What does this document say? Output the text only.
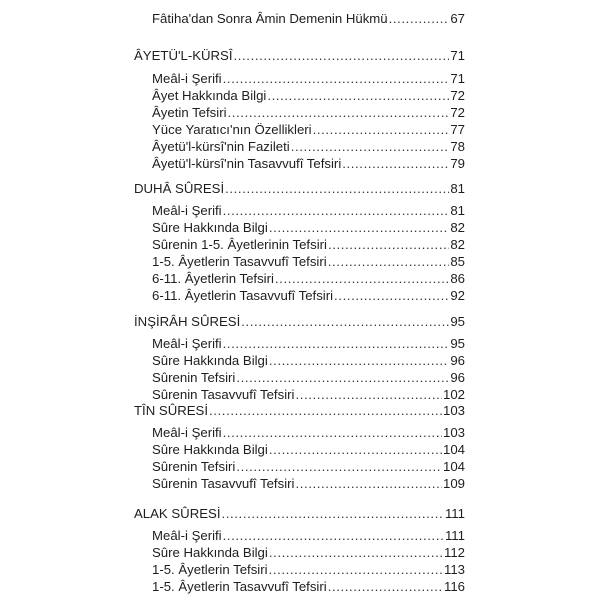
Fâtiha'dan Sonra Âmin Demenin Hükmü .....	67
ÂYETÜ'L-KÜRSÎ .....	71
Meâl-i Şerifi .....	71
Âyet Hakkında Bilgi .....	72
Âyetin Tefsiri .....	72
Yüce Yaratıcı'nın Özellikleri .....	77
Âyetü'l-kürsî'nin Fazileti .....	78
Âyetü'l-kürsî'nin Tasavvufî Tefsiri .....	79
DUHÂ SÛRESİ .....	81
Meâl-i Şerifi .....	81
Sûre Hakkında Bilgi .....	82
Sûrenin 1-5. Âyetlerinin Tefsiri .....	82
1-5. Âyetlerin Tasavvufî Tefsiri .....	85
6-11. Âyetlerin Tefsiri .....	86
6-11. Âyetlerin Tasavvufî Tefsiri .....	92
İNŞİRÂH SÛRESİ .....	95
Meâl-i Şerifi .....	95
Sûre Hakkında Bilgi .....	96
Sûrenin Tefsiri .....	96
Sûrenin Tasavvufî Tefsiri .....	102
TÎN SÛRESİ .....	103
Meâl-i Şerifi .....	103
Sûre Hakkında Bilgi .....	104
Sûrenin Tefsiri .....	104
Sûrenin Tasavvufî Tefsiri .....	109
ALAK SÛRESİ .....	111
Meâl-i Şerifi .....	111
Sûre Hakkında Bilgi .....	112
1-5. Âyetlerin Tefsiri .....	113
1-5. Âyetlerin Tasavvufî Tefsiri .....	116
